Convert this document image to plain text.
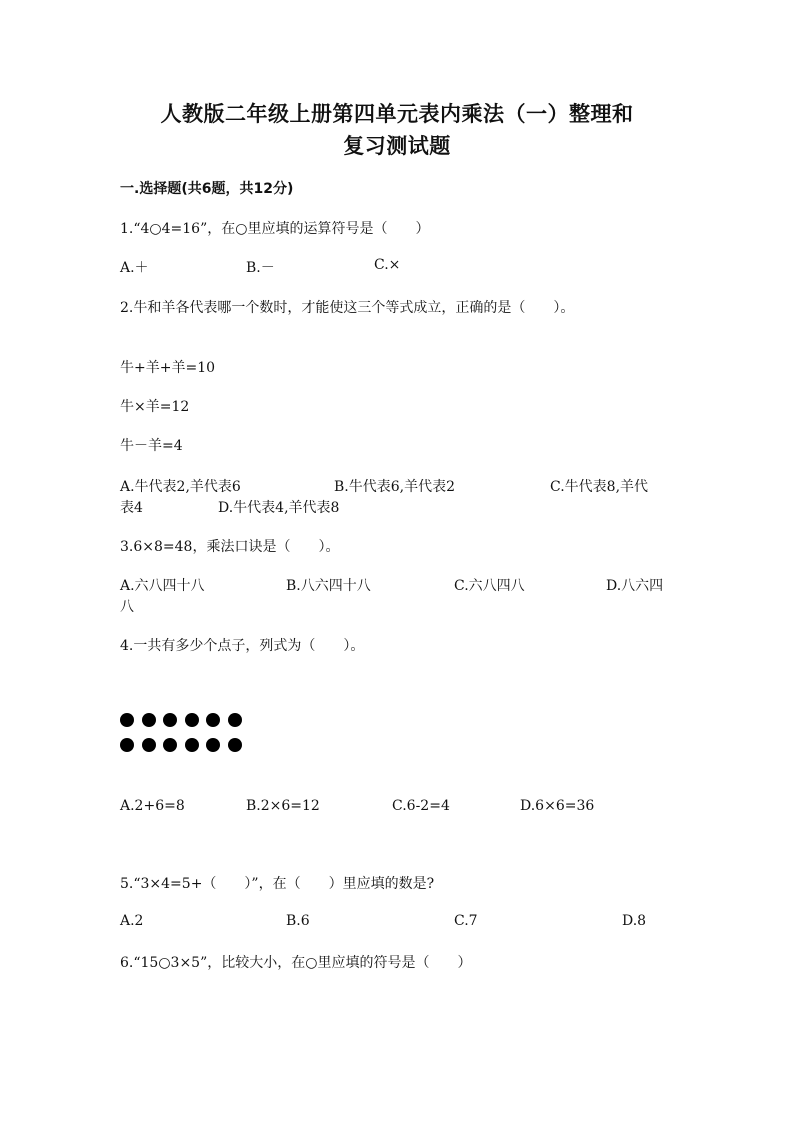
人教版二年级上册第四单元表内乘法（一）整理和
复习测试题
一.选择题(共6题，共12分)
1.“4○4=16”，在○里应填的运算符号是（　　）
A.＋	B.－	C.×
2.牛和羊各代表哪一个数时，才能使这三个等式成立，正确的是（　　）。
牛+羊+羊=10
牛×羊=12
牛－羊=4
A.牛代表2,羊代表6	B.牛代表6,羊代表2	C.牛代表8,羊代
表4	D.牛代表4,羊代表8
3.6×8=48，乘法口诀是（　　）。
A.六八四十八	B.八六四十八	C.六八四八	D.八六四
八
4.一共有多少个点子，列式为（　　）。
A.2+6=8	B.2×6=12	C.6-2=4	D.6×6=36
5.“3×4=5+（　　）”，在（　　）里应填的数是?
A.2	B.6	C.7	D.8
6.“15○3×5”，比较大小，在○里应填的符号是（　　）
